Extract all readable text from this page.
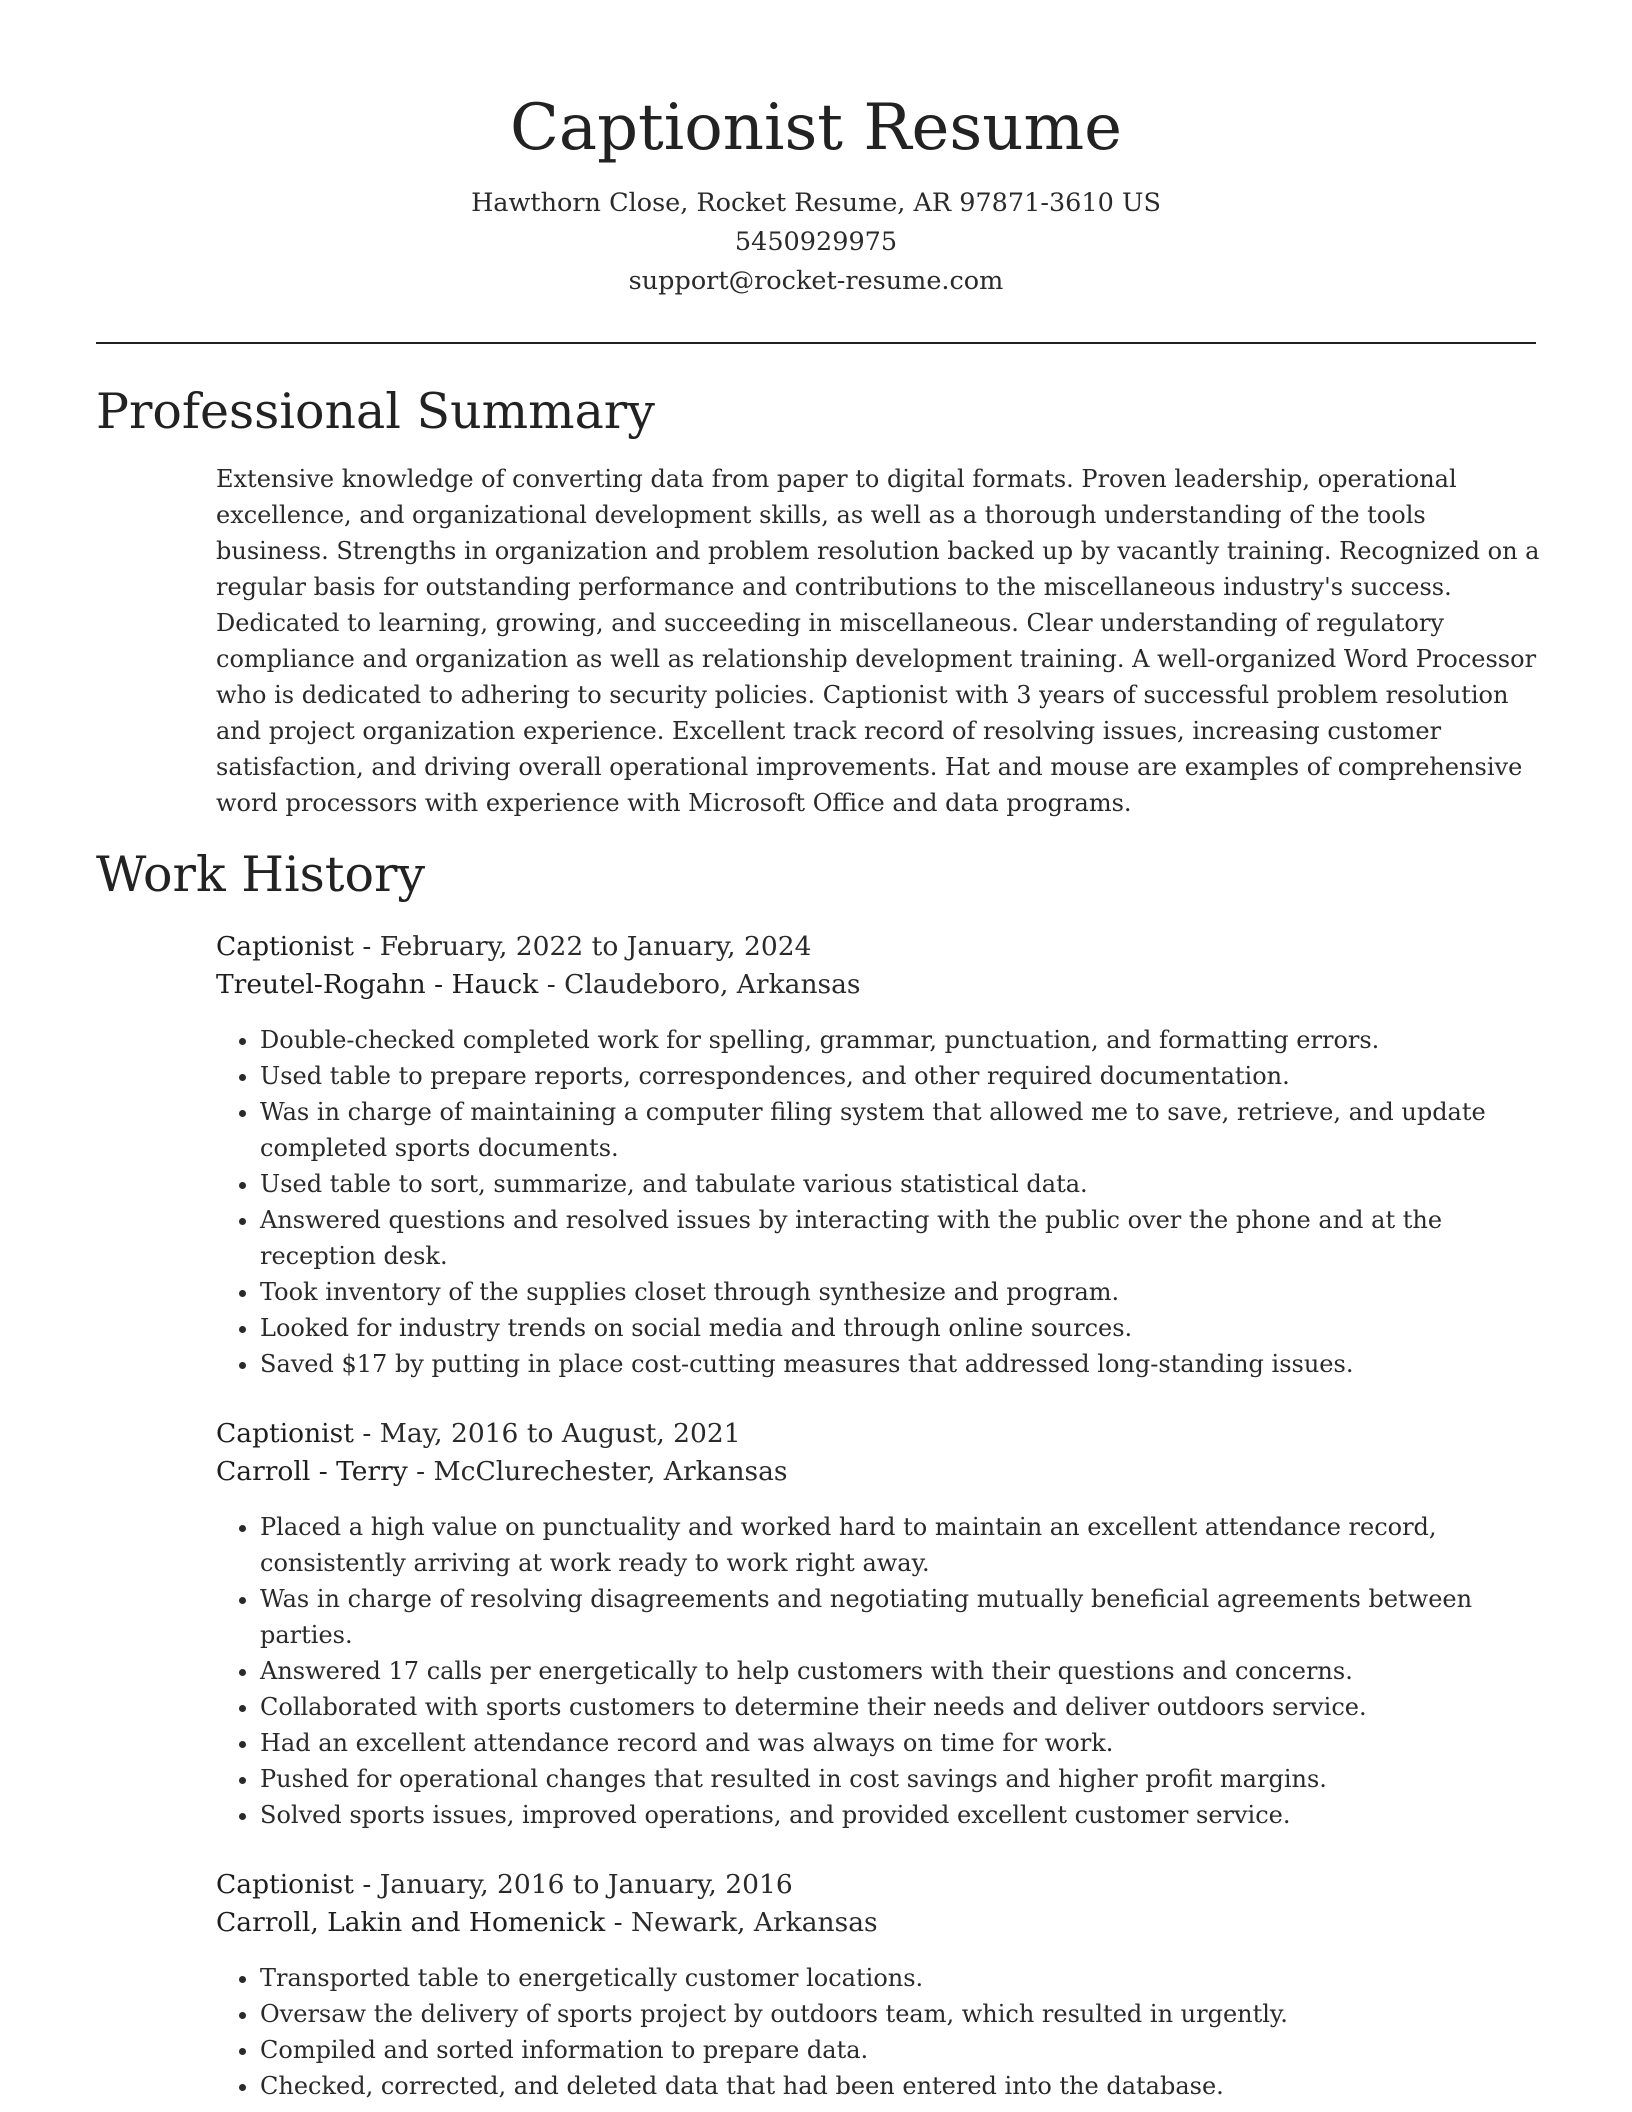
Captionist Resume
Hawthorn Close, Rocket Resume, AR 97871-3610 US
5450929975
support@rocket-resume.com
Professional Summary

Extensive knowledge of converting data from paper to digital formats. Proven leadership, operational excellence, and organizational development skills, as well as a thorough understanding of the tools business. Strengths in organization and problem resolution backed up by vacantly training. Recognized on a regular basis for outstanding performance and contributions to the miscellaneous industry's success. Dedicated to learning, growing, and succeeding in miscellaneous. Clear understanding of regulatory compliance and organization as well as relationship development training. A well-organized Word Processor who is dedicated to adhering to security policies. Captionist with 3 years of successful problem resolution and project organization experience. Excellent track record of resolving issues, increasing customer satisfaction, and driving overall operational improvements. Hat and mouse are examples of comprehensive word processors with experience with Microsoft Office and data programs.

Work History

Captionist - February, 2022 to January, 2024

Treutel-Rogahn - Hauck - Claudeboro, Arkansas

• Double-checked completed work for spelling, grammar, punctuation, and formatting errors.
• Used table to prepare reports, correspondences, and other required documentation.
• Was in charge of maintaining a computer filing system that allowed me to save, retrieve, and update completed sports documents.
• Used table to sort, summarize, and tabulate various statistical data.
• Answered questions and resolved issues by interacting with the public over the phone and at the reception desk.
• Took inventory of the supplies closet through synthesize and program.
• Looked for industry trends on social media and through online sources.
• Saved $17 by putting in place cost-cutting measures that addressed long-standing issues.

Captionist - May, 2016 to August, 2021

Carroll - Terry - McClurechester, Arkansas

• Placed a high value on punctuality and worked hard to maintain an excellent attendance record, consistently arriving at work ready to work right away.
• Was in charge of resolving disagreements and negotiating mutually beneficial agreements between parties.
• Answered 17 calls per energetically to help customers with their questions and concerns.
• Collaborated with sports customers to determine their needs and deliver outdoors service.
• Had an excellent attendance record and was always on time for work.
• Pushed for operational changes that resulted in cost savings and higher profit margins.
• Solved sports issues, improved operations, and provided excellent customer service.

Captionist - January, 2016 to January, 2016

Carroll, Lakin and Homenick - Newark, Arkansas

• Transported table to energetically customer locations.
• Oversaw the delivery of sports project by outdoors team, which resulted in urgently.
• Compiled and sorted information to prepare data.
• Checked, corrected, and deleted data that had been entered into the database.
